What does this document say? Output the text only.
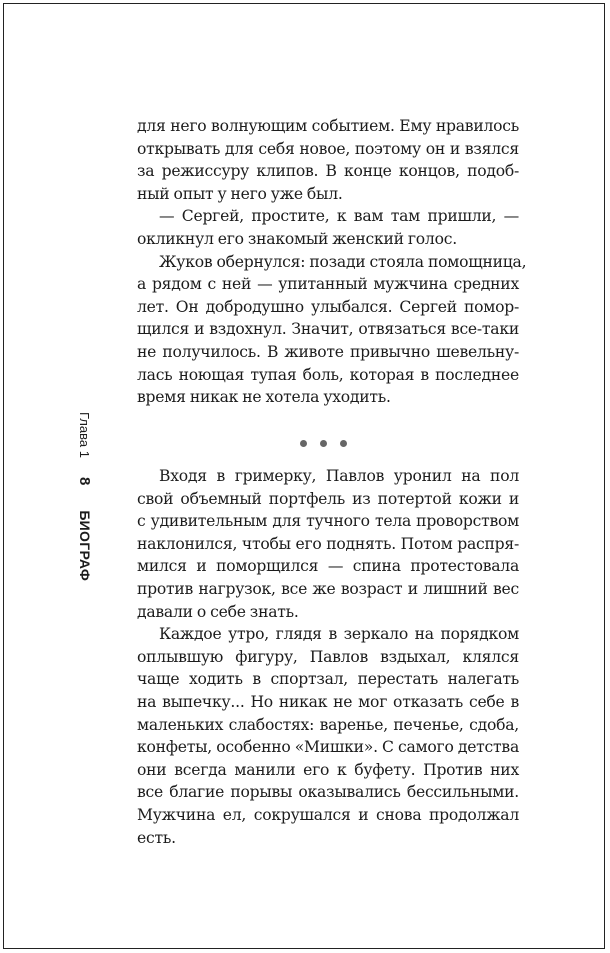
Глава 1
8
БИОГРАФ

для него волнующим событием. Ему нравилось
открывать для себя новое, поэтому он и взялся
за режиссуру клипов. В конце концов, подоб-
ный опыт у него уже был.

— Сергей, простите, к вам там пришли, —
окликнул его знакомый женский голос.

Жуков обернулся: позади стояла помощница,
а рядом с ней — упитанный мужчина средних
лет. Он добродушно улыбался. Сергей помор-
щился и вздохнул. Значит, отвязаться все-таки
не получилось. В животе привычно шевельну-
лась ноющая тупая боль, которая в последнее
время никак не хотела уходить.

Входя в гримерку, Павлов уронил на пол
свой объемный портфель из потертой кожи и
с удивительным для тучного тела проворством
наклонился, чтобы его поднять. Потом распря-
мился и поморщился — спина протестовала
против нагрузок, все же возраст и лишний вес
давали о себе знать.

Каждое утро, глядя в зеркало на порядком
оплывшую фигуру, Павлов вздыхал, клялся
чаще ходить в спортзал, перестать налегать
на выпечку... Но никак не мог отказать себе в
маленьких слабостях: варенье, печенье, сдоба,
конфеты, особенно «Мишки». С самого детства
они всегда манили его к буфету. Против них
все благие порывы оказывались бессильными.
Мужчина ел, сокрушался и снова продолжал
есть.
